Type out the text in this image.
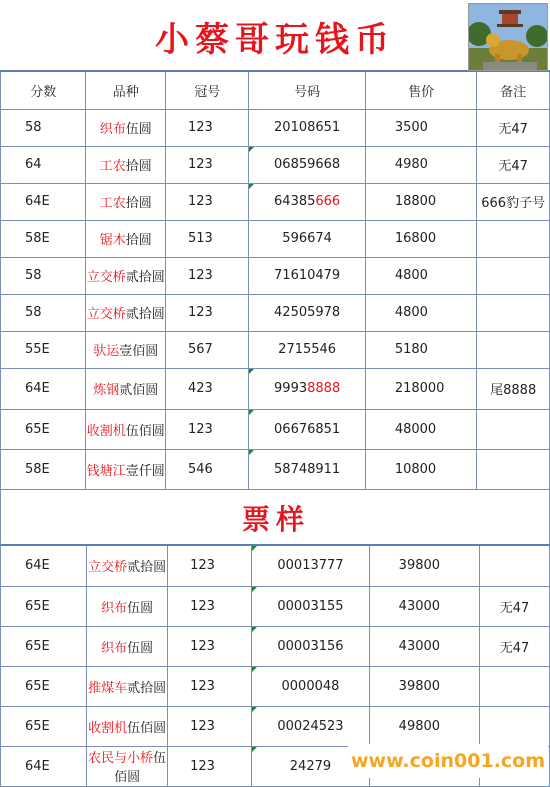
小蔡哥玩钱币
分数	品种	冠号	号码	售价	备注
58	织布伍圆	123	20108651	3500	无47
64	工农拾圆	123	06859668	4980	无47
64E	工农拾圆	123	64385666	18800	666豹子号
58E	锯木拾圆	513	596674	16800	
58	立交桥贰拾圆	123	71610479	4800	
58	立交桥贰拾圆	123	42505978	4800	
55E	驮运壹佰圆	567	2715546	5180	
64E	炼钢贰佰圆	423	99938888	218000	尾8888
65E	收割机伍佰圆	123	06676851	48000	
58E	钱塘江壹仟圆	546	58748911	10800	
票样
64E	立交桥贰拾圆	123	00013777	39800	
65E	织布伍圆	123	00003155	43000	无47
65E	织布伍圆	123	00003156	43000	无47
65E	推煤车贰拾圆	123	0000048	39800	
65E	收割机伍佰圆	123	00024523	49800	
64E	农民与小桥伍佰圆	123	24279		www.coin001.com
